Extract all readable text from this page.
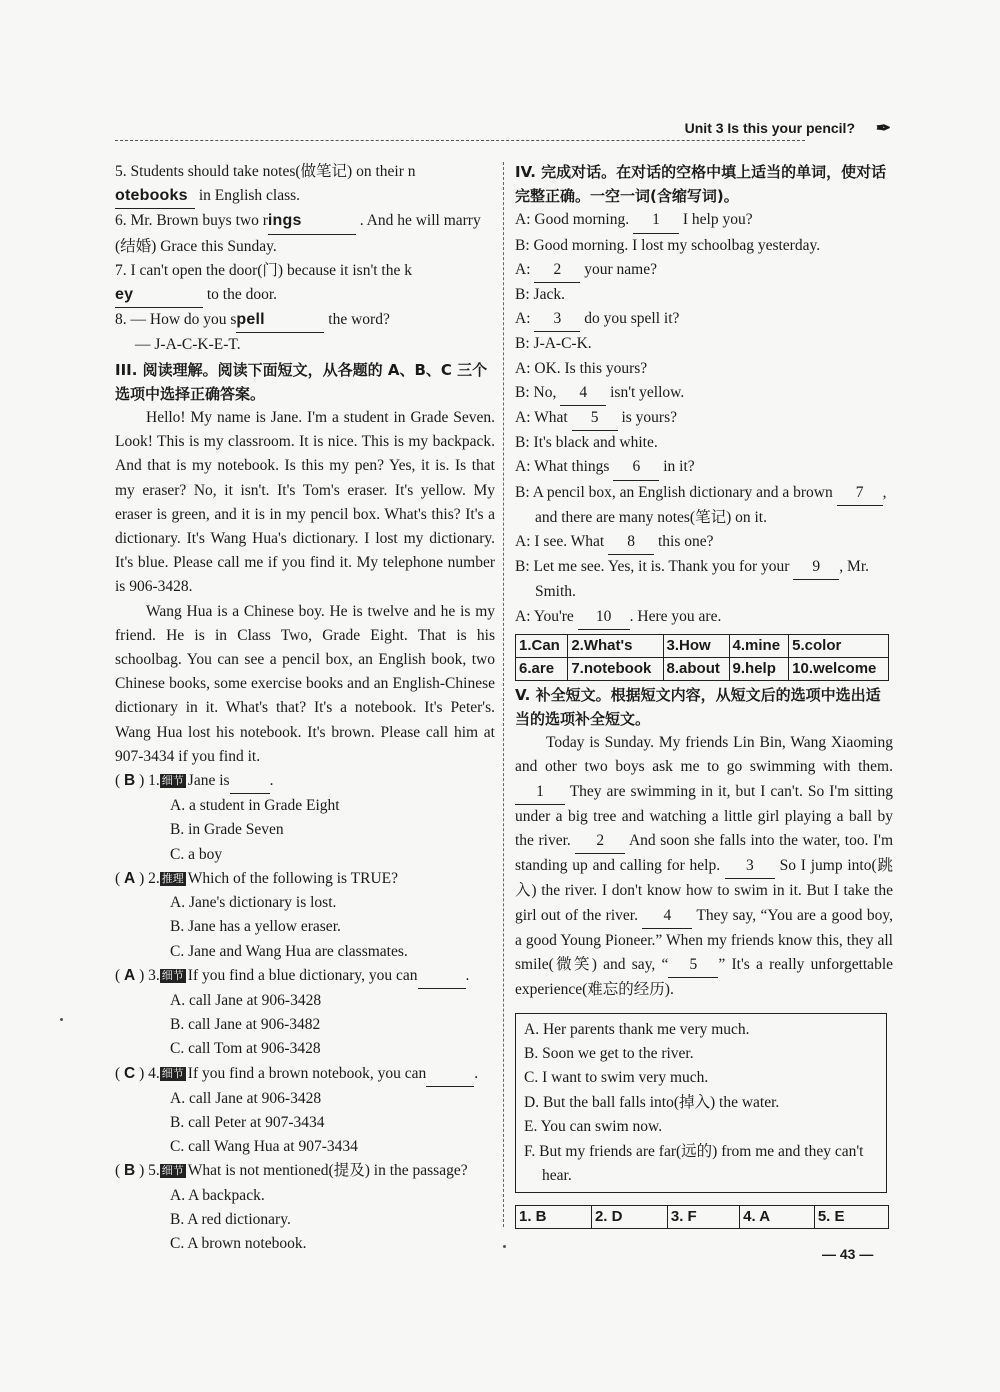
Unit 3 Is this your pencil? ✒
5. Students should take notes(做笔记) on their notebooks in English class.
6. Mr. Brown buys two rings	. And he will marry (结婚) Grace this Sunday.
7. I can't open the door(门) because it isn't the key	to the door.
8. — How do you spell	the word?
— J-A-C-K-E-T.
III. 阅读理解。阅读下面短文，从各题的 A、B、C 三个选项中选择正确答案。

Hello! My name is Jane. I'm a student in Grade Seven. Look! This is my classroom. It is nice. This is my backpack. And that is my notebook. Is this my pen? Yes, it is. Is that my eraser? No, it isn't. It's Tom's eraser. It's yellow. My eraser is green, and it is in my pencil box. What's this? It's a dictionary. It's Wang Hua's dictionary. I lost my dictionary. It's blue. Please call me if you find it. My telephone number is 906-3428.

Wang Hua is a Chinese boy. He is twelve and he is my friend. He is in Class Two, Grade Eight. That is his schoolbag. You can see a pencil box, an English book, two Chinese books, some exercise books and an English-Chinese dictionary in it. What's that? It's a notebook. It's Peter's. Wang Hua lost his notebook. It's brown. Please call him at 907-3434 if you find it.

( B ) 1. 细节 Jane is	.
A. a student in Grade Eight
B. in Grade Seven
C. a boy
( A ) 2. 推理 Which of the following is TRUE?
A. Jane's dictionary is lost.
B. Jane has a yellow eraser.
C. Jane and Wang Hua are classmates.
( A ) 3. 细节 If you find a blue dictionary, you can	.
A. call Jane at 906-3428
B. call Jane at 906-3482
C. call Tom at 906-3428
( C ) 4. 细节 If you find a brown notebook, you can	.
A. call Jane at 906-3428
B. call Peter at 907-3434
C. call Wang Hua at 907-3434
( B ) 5. 细节 What is not mentioned(提及) in the passage?
A. A backpack.
B. A red dictionary.
C. A brown notebook.
IV. 完成对话。在对话的空格中填上适当的单词，使对话完整正确。一空一词(含缩写词)。
A: Good morning. 1 I help you?
B: Good morning. I lost my schoolbag yesterday.
A: 2 your name?
B: Jack.
A: 3 do you spell it?
B: J-A-C-K.
A: OK. Is this yours?
B: No, 4 isn't yellow.
A: What 5 is yours?
B: It's black and white.
A: What things 6 in it?
B: A pencil box, an English dictionary and a brown 7 , and there are many notes(笔记) on it.
A: I see. What 8 this one?
B: Let me see. Yes, it is. Thank you for your 9 , Mr. Smith.
A: You're 10 . Here you are.
1.Can	2.What's	3.How	4.mine	5.color
6.are	7.notebook	8.about	9.help	10.welcome
V. 补全短文。根据短文内容，从短文后的选项中选出适当的选项补全短文。
Today is Sunday. My friends Lin Bin, Wang Xiaoming and other two boys ask me to go swimming with them. 1 They are swimming in it, but I can't. So I'm sitting under a big tree and watching a little girl playing a ball by the river. 2 And soon she falls into the water, too. I'm standing up and calling for help. 3 So I jump into(跳入) the river. I don't know how to swim in it. But I take the girl out of the river. 4 They say, “You are a good boy, a good Young Pioneer.” When my friends know this, they all smile(微笑) and say, “ 5 ” It's a really unforgettable experience(难忘的经历).
A. Her parents thank me very much.
B. Soon we get to the river.
C. I want to swim very much.
D. But the ball falls into(掉入) the water.
E. You can swim now.
F. But my friends are far(远的) from me and they can't hear.
1. B	2. D	3. F	4. A	5. E
— 43 —
